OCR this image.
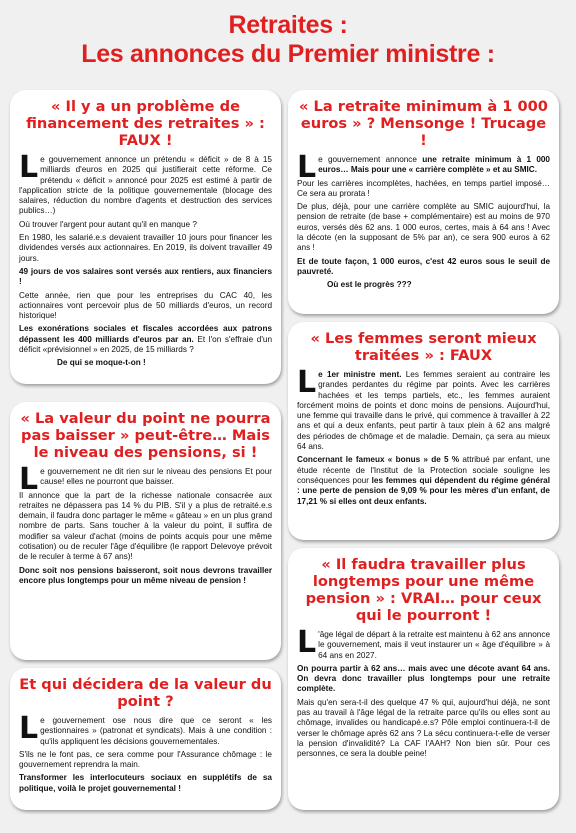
Retraites :
Les annonces du Premier ministre :
« Il y a un problème de financement des retraites » : FAUX !

Le gouvernement annonce un prétendu « déficit » de 8 à 15 milliards d'euros en 2025 qui justifierait cette réforme. Ce prétendu « déficit » annoncé pour 2025 est estimé à partir de l'application stricte de la politique gouvernementale (blocage des salaires, réduction du nombre d'agents et destruction des services publics…)

Où trouver l'argent pour autant qu'il en manque ?

En 1980, les salarié.e.s devaient travailler 10 jours pour financer les dividendes versés aux actionnaires. En 2019, ils doivent travailler 49 jours.

49 jours de vos salaires sont versés aux rentiers, aux financiers !

Cette année, rien que pour les entreprises du CAC 40, les actionnaires vont percevoir plus de 50 milliards d'euros, un record historique!

Les exonérations sociales et fiscales accordées aux patrons dépassent les 400 milliards d'euros par an. Et l'on s'effraie d'un déficit «prévisionnel » en 2025, de 15 milliards ?

De qui se moque-t-on !

« La valeur du point ne pourra pas baisser » peut-être… Mais le niveau des pensions, si !

Le gouvernement ne dit rien sur le niveau des pensions Et pour cause! elles ne pourront que baisser.

Il annonce que la part de la richesse nationale consacrée aux retraites ne dépassera pas 14 % du PIB. S'il y a plus de retraité.e.s demain, il faudra donc partager le même « gâteau » en un plus grand nombre de parts. Sans toucher à la valeur du point, il suffira de modifier sa valeur d'achat (moins de points acquis pour une même cotisation) ou de reculer l'âge d'équilibre (le rapport Delevoye prévoit de le reculer à terme à 67 ans)!

Donc soit nos pensions baisseront, soit nous devrons travailler encore plus longtemps pour un même niveau de pension !

Et qui décidera de la valeur du point ?

Le gouvernement ose nous dire que ce seront « les gestionnaires » (patronat et syndicats). Mais à une condition : qu'ils appliquent les décisions gouvernementales.

S'ils ne le font pas, ce sera comme pour l'Assurance chômage : le gouvernement reprendra la main.

Transformer les interlocuteurs sociaux en supplétifs de sa politique, voilà le projet gouvernemental !

« La retraite minimum à 1 000 euros » ? Mensonge ! Trucage !

Le gouvernement annonce une retraite minimum à 1 000 euros… Mais pour une « carrière complète » et au SMIC.

Pour les carrières incomplètes, hachées, en temps partiel imposé… Ce sera au prorata !

De plus, déjà, pour une carrière complète au SMIC aujourd'hui, la pension de retraite (de base + complémentaire) est au moins de 970 euros, versés dès 62 ans. 1 000 euros, certes, mais à 64 ans ! Avec la décote (en la supposant de 5% par an), ce sera 900 euros à 62 ans !

Et de toute façon, 1 000 euros, c'est 42 euros sous le seuil de pauvreté.

Où est le progrès ???

« Les femmes seront mieux traitées » : FAUX

Le 1er ministre ment. Les femmes seraient au contraire les grandes perdantes du régime par points. Avec les carrières hachées et les temps partiels, etc., les femmes auraient forcément moins de points et donc moins de pensions. Aujourd'hui, une femme qui travaille dans le privé, qui commence à travailler à 22 ans et qui a deux enfants, peut partir à taux plein à 62 ans malgré des périodes de chômage et de maladie. Demain, ça sera au mieux 64 ans.

Concernant le fameux « bonus » de 5 % attribué par enfant, une étude récente de l'Institut de la Protection sociale souligne les conséquences pour les femmes qui dépendent du régime général : une perte de pension de 9,09 % pour les mères d'un enfant, de 17,21 % si elles ont deux enfants.

« Il faudra travailler plus longtemps pour une même pension » : VRAI… pour ceux qui le pourront !

L 'âge légal de départ à la retraite est maintenu à 62 ans annonce le gouvernement, mais il veut instaurer un « âge d'équilibre » à 64 ans en 2027.

On pourra partir à 62 ans… mais avec une décote avant 64 ans. On devra donc travailler plus longtemps pour une retraite complète.

Mais qu'en sera-t-il des quelque 47 % qui, aujourd'hui déjà, ne sont pas au travail à l'âge légal de la retraite parce qu'ils ou elles sont au chômage, invalides ou handicapé.e.s? Pôle emploi continuera-t-il de verser le chômage après 62 ans ? La sécu continuera-t-elle de verser la pension d'invalidité? La CAF l'AAH? Non bien sûr. Pour ces personnes, ce sera la double peine!
